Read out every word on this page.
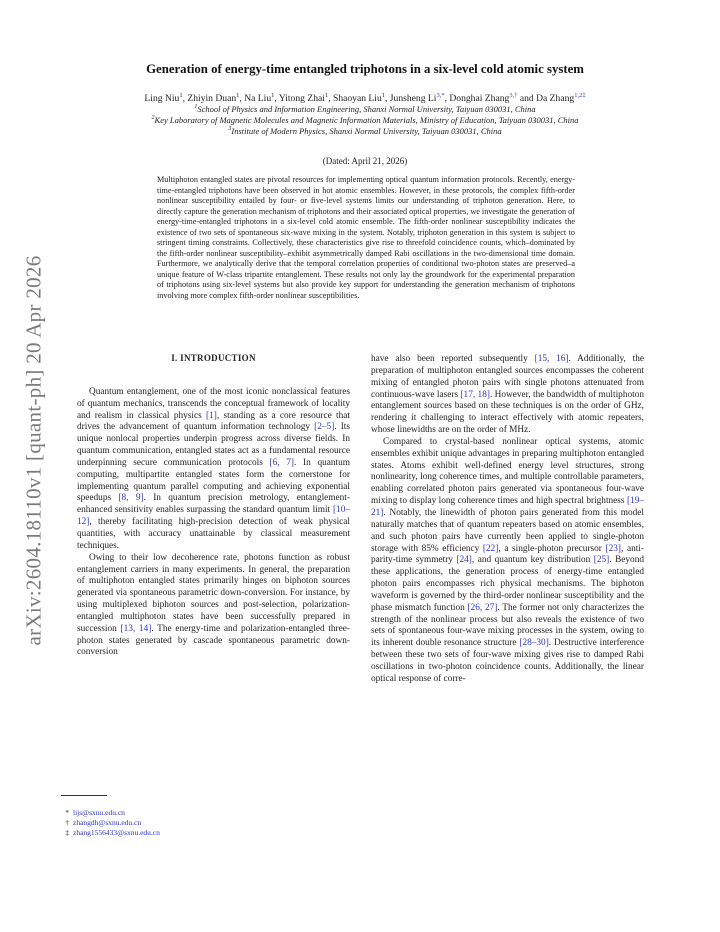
arXiv:2604.18110v1 [quant-ph] 20 Apr 2026
Generation of energy-time entangled triphotons in a six-level cold atomic system
Ling Niu$^1$, Zhiyin Duan$^1$, Na Liu$^1$, Yitong Zhai$^1$, Shaoyan Liu$^1$, Junsheng $Li^{3,*}$, Donghai Zhang$^{3,\dagger}$ and Da Zhang$^{1,2\ddagger}$
$^1$School of Physics and Information Engineering, Shanxi Normal University, Taiyuan 030031, China
$^2$Key Laboratory of Magnetic Molecules and Magnetic Information Materials, Ministry of Education, Taiyuan 030031, China
$^3$Institute of Modern Physics, Shanxi Normal University, Taiyuan 030031, China
(Dated: April 21, 2026)

Multiphoton entangled states are pivotal resources for implementing optical quantum information protocols. Recently, energy-time-entangled triphotons have been observed in hot atomic ensembles. However, in these protocols, the complex fifth-order nonlinear susceptibility entailed by four- or five-level systems limits our understanding of triphoton generation. Here, to directly capture the generation mechanism of triphotons and their associated optical properties, we investigate the generation of energy-time-entangled triphotons in a six-level cold atomic ensemble. The fifth-order nonlinear susceptibility indicates the existence of two sets of spontaneous six-wave mixing in the system. Notably, triphoton generation in this system is subject to stringent timing constraints. Collectively, these characteristics give rise to threefold coincidence counts, which–dominated by the fifth-order nonlinear susceptibility–exhibit asymmetrically damped Rabi oscillations in the two-dimensional time domain. Furthermore, we analytically derive that the temporal correlation properties of conditional two-photon states are preserved–a unique feature of W-class tripartite entanglement. These results not only lay the groundwork for the experimental preparation of triphotons using six-level systems but also provide key support for understanding the generation mechanism of triphotons involving more complex fifth-order nonlinear susceptibilities.

I. INTRODUCTION

Quantum entanglement, one of the most iconic nonclassical features of quantum mechanics, transcends the conceptual framework of locality and realism in classical physics [1], standing as a core resource that drives the advancement of quantum information technology [2–5]. Its unique nonlocal properties underpin progress across diverse fields. In quantum communication, entangled states act as a fundamental resource underpinning secure communication protocols [6, 7]. In quantum computing, multipartite entangled states form the cornerstone for implementing quantum parallel computing and achieving exponential speedups [8, 9]. In quantum precision metrology, entanglement-enhanced sensitivity enables surpassing the standard quantum limit [10–12], thereby facilitating high-precision detection of weak physical quantities, with accuracy unattainable by classical measurement techniques.

Owing to their low decoherence rate, photons function as robust entanglement carriers in many experiments. In general, the preparation of multiphoton entangled states primarily hinges on biphoton sources generated via spontaneous parametric down-conversion. For instance, by using multiplexed biphoton sources and post-selection, polarization-entangled multiphoton states have been successfully prepared in succession [13, 14]. The energy-time and polarization-entangled three-photon states generated by cascade spontaneous parametric down-conversion

have also been reported subsequently [15, 16]. Additionally, the preparation of multiphoton entangled sources encompasses the coherent mixing of entangled photon pairs with single photons attenuated from continuous-wave lasers [17, 18]. However, the bandwidth of multiphoton entanglement sources based on these techniques is on the order of GHz, rendering it challenging to interact effectively with atomic repeaters, whose linewidths are on the order of MHz.

Compared to crystal-based nonlinear optical systems, atomic ensembles exhibit unique advantages in preparing multiphoton entangled states. Atoms exhibit well-defined energy level structures, strong nonlinearity, long coherence times, and multiple controllable parameters, enabling correlated photon pairs generated via spontaneous four-wave mixing to display long coherence times and high spectral brightness [19–21]. Notably, the linewidth of photon pairs generated from this model naturally matches that of quantum repeaters based on atomic ensembles, and such photon pairs have currently been applied to single-photon storage with 85% efficiency [22], a single-photon precursor [23], anti-parity-time symmetry [24], and quantum key distribution [25]. Beyond these applications, the generation process of energy-time entangled photon pairs encompasses rich physical mechanisms. The biphoton waveform is governed by the third-order nonlinear susceptibility and the phase mismatch function [26, 27]. The former not only characterizes the strength of the nonlinear process but also reveals the existence of two sets of spontaneous four-wave mixing processes in the system, owing to its inherent double resonance structure [28–30]. Destructive interference between these two sets of four-wave mixing gives rise to damped Rabi oscillations in two-photon coincidence counts. Additionally, the linear optical response of corre-

* lijs@sxnu.edu.cn
† zhangdh@sxnu.edu.cn
‡ zhang1556433@sxnu.edu.cn
